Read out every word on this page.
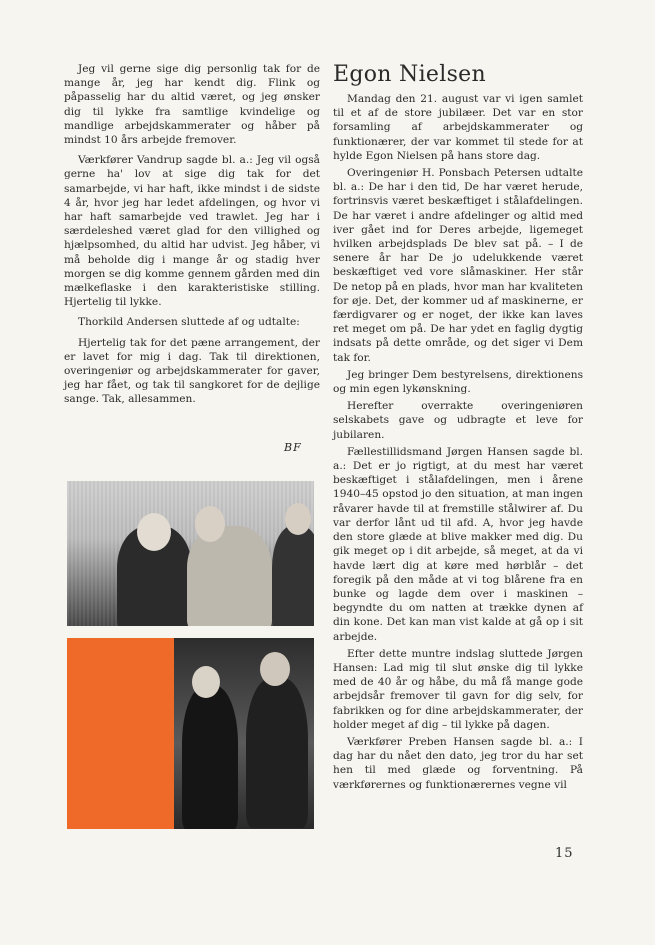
Jeg vil gerne sige dig personlig tak for de mange år, jeg har kendt dig. Flink og påpasselig har du altid været, og jeg ønsker dig til lykke fra samtlige kvindelige og mandlige arbejdskammerater og håber på mindst 10 års arbejde fremover.

Værkfører Vandrup sagde bl. a.: Jeg vil også gerne ha' lov at sige dig tak for det samarbejde, vi har haft, ikke mindst i de sidste 4 år, hvor jeg har ledet afdelingen, og hvor vi har haft samarbejde ved trawlet. Jeg har i særdeleshed været glad for den villighed og hjælpsomhed, du altid har udvist. Jeg håber, vi må beholde dig i mange år og stadig hver morgen se dig komme gennem gården med din mælkeflaske i den karakteristiske stilling. Hjertelig til lykke.

Thorkild Andersen sluttede af og udtalte:

Hjertelig tak for det pæne arrangement, der er lavet for mig i dag. Tak til direktionen, overingeniør og arbejdskammerater for gaver, jeg har fået, og tak til sangkoret for de dejlige sange. Tak, allesammen.

BF
Egon Nielsen

Mandag den 21. august var vi igen samlet til et af de store jubilæer. Det var en stor forsamling af arbejdskammerater og funktionærer, der var kommet til stede for at hylde Egon Nielsen på hans store dag.

Overingeniør H. Ponsbach Petersen udtalte bl. a.: De har i den tid, De har været herude, fortrinsvis været beskæftiget i stålafdelingen. De har været i andre afdelinger og altid med iver gået ind for Deres arbejde, ligemeget hvilken arbejdsplads De blev sat på. – I de senere år har De jo udelukkende været beskæftiget ved vore slåmaskiner. Her står De netop på en plads, hvor man har kvaliteten for øje. Det, der kommer ud af maskinerne, er færdigvarer og er noget, der ikke kan laves ret meget om på. De har ydet en faglig dygtig indsats på dette område, og det siger vi Dem tak for.

Jeg bringer Dem bestyrelsens, direktionens og min egen lykønskning.

Herefter overrakte overingeniøren selskabets gave og udbragte et leve for jubilaren.

Fællestillidsmand Jørgen Hansen sagde bl. a.: Det er jo rigtigt, at du mest har været beskæftiget i stålafdelingen, men i årene 1940–45 opstod jo den situation, at man ingen råvarer havde til at fremstille stålwirer af. Du var derfor lånt ud til afd. A, hvor jeg havde den store glæde at blive makker med dig. Du gik meget op i dit arbejde, så meget, at da vi havde lært dig at køre med hørblår – det foregik på den måde at vi tog blårene fra en bunke og lagde dem over i maskinen – begyndte du om natten at trække dynen af din kone. Det kan man vist kalde at gå op i sit arbejde.

Efter dette muntre indslag sluttede Jørgen Hansen: Lad mig til slut ønske dig til lykke med de 40 år og håbe, du må få mange gode arbejdsår fremover til gavn for dig selv, for fabrikken og for dine arbejdskammerater, der holder meget af dig – til lykke på dagen.

Værkfører Preben Hansen sagde bl. a.: I dag har du nået den dato, jeg tror du har set hen til med glæde og forventning. På værkførernes og funktionærernes vegne vil

15
